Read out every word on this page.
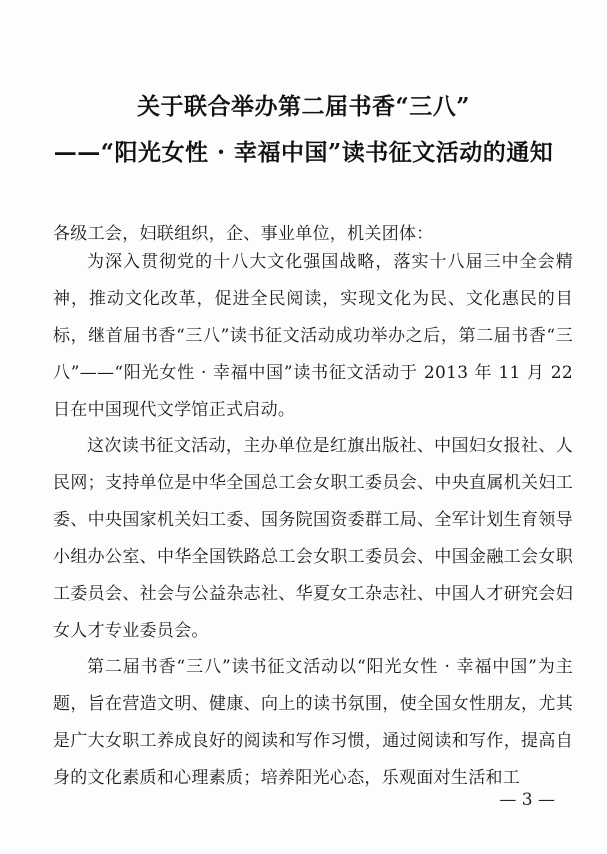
关于联合举办第二届书香“三八”
——“阳光女性 · 幸福中国”读书征文活动的通知
各级工会，妇联组织，企、事业单位，机关团体：
为深入贯彻党的十八大文化强国战略，落实十八届三中全会精神，推动文化改革，促进全民阅读，实现文化为民、文化惠民的目标，继首届书香“三八”读书征文活动成功举办之后，第二届书香“三八”——“阳光女性 · 幸福中国”读书征文活动于 2013 年 11 月 22 日在中国现代文学馆正式启动。
这次读书征文活动，主办单位是红旗出版社、中国妇女报社、人民网；支持单位是中华全国总工会女职工委员会、中央直属机关妇工委、中央国家机关妇工委、国务院国资委群工局、全军计划生育领导小组办公室、中华全国铁路总工会女职工委员会、中国金融工会女职工委员会、社会与公益杂志社、华夏女工杂志社、中国人才研究会妇女人才专业委员会。
第二届书香“三八”读书征文活动以“阳光女性 · 幸福中国”为主题，旨在营造文明、健康、向上的读书氛围，使全国女性朋友，尤其是广大女职工养成良好的阅读和写作习惯，通过阅读和写作，提高自身的文化素质和心理素质；培养阳光心态，乐观面对生活和工
— 3 —
